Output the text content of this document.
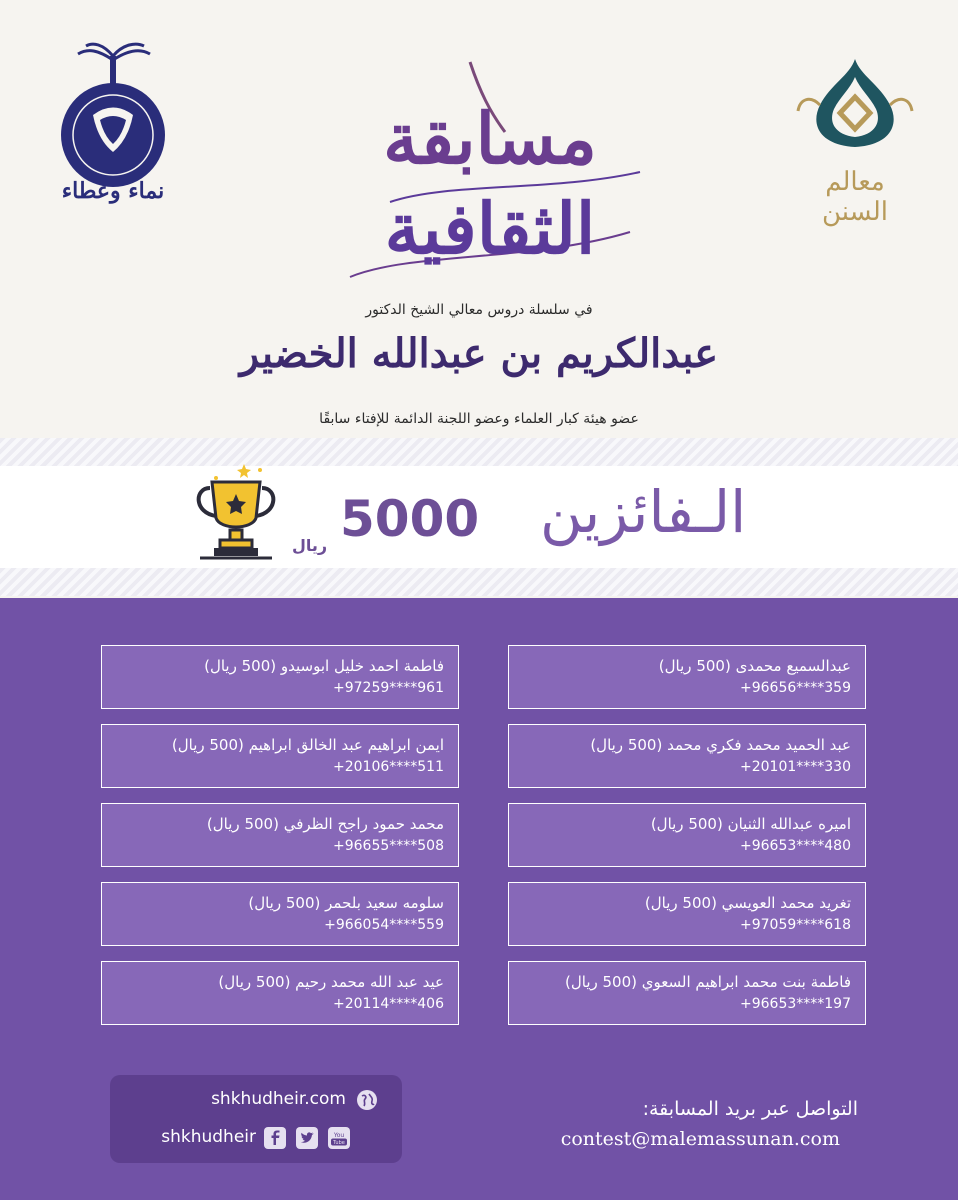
نماء وعطاء	معالم السنن
مسابقة
الثقافية
في سلسلة دروس معالي الشيخ الدكتور
عبدالكريم بن عبدالله الخضير
عضو هيئة كبار العلماء وعضو اللجنة الدائمة للإفتاء سابقًا
الـفائزين
5000
ريال
عبدالسميع محمدى (500 ريال)
+96656****359
فاطمة احمد خليل ابوسيدو (500 ريال)
+97259****961
عبد الحميد محمد فكري محمد (500 ريال)
+20101****330
ايمن ابراهيم عبد الخالق ابراهيم (500 ريال)
+20106****511
اميره عبدالله الثنيان (500 ريال)
+96653****480
محمد حمود راجح الظرفي (500 ريال)
+96655****508
تغريد محمد العويسي (500 ريال)
+97059****618
سلومه سعيد بلحمر (500 ريال)
+966054****559
فاطمة بنت محمد ابراهيم السعوي (500 ريال)
+96653****197
عيد عبد الله محمد رحيم (500 ريال)
+20114****406
shkhudheir.com
shkhudheir	You
Tube
التواصل عبر بريد المسابقة:
contest@malemassunan.com
